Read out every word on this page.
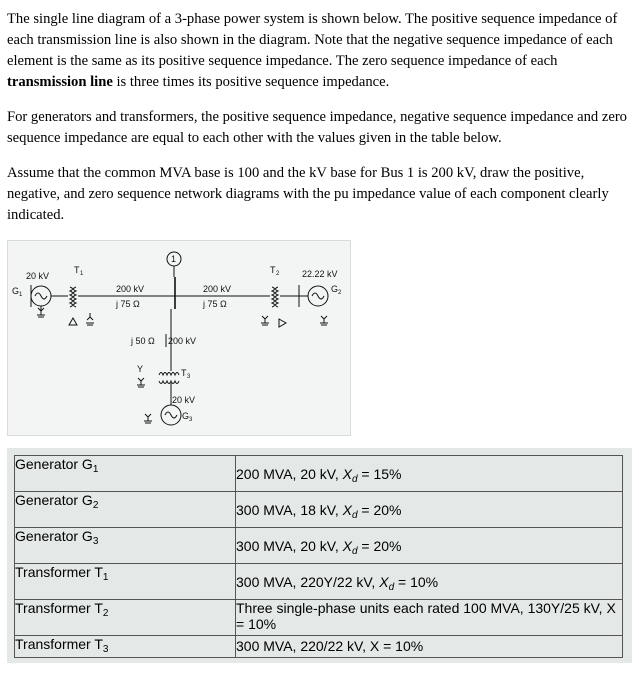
The single line diagram of a 3-phase power system is shown below. The positive sequence impedance of each transmission line is also shown in the diagram. Note that the negative sequence impedance of each element is the same as its positive sequence impedance. The zero sequence impedance of each transmission line is three times its positive sequence impedance.

For generators and transformers, the positive sequence impedance, negative sequence impedance and zero sequence impedance are equal to each other with the values given in the table below.

Assume that the common MVA base is 100 and the kV base for Bus 1 is 200 kV, draw the positive, negative, and zero sequence network diagrams with the pu impedance value of each component clearly indicated.

1
20 kV
G 1
T 1
200 kV
j 75 Ω
200 kV
j 75 Ω
T 2	22.22 kV
G 2
j 50 Ω 200 kV
Y	T 3
20 kV
G 3
Generator $G_1$	200 MVA, 20 kV, $X_d = 15\%$
Generator $G_2$	300 MVA, 18 kV, $X_d = 20\%$
Generator $G_3$	300 MVA, 20 kV, $X_d = 20\%$
Transformer $T_1$	300 MVA, 220Y/22 kV, $X_d = 10\%$
Transformer $T_2$	Three single-phase units each rated 100 MVA, 130Y/25 kV, X = 10%
Transformer $T_3$	300 MVA, 220/22 kV, X = 10%
